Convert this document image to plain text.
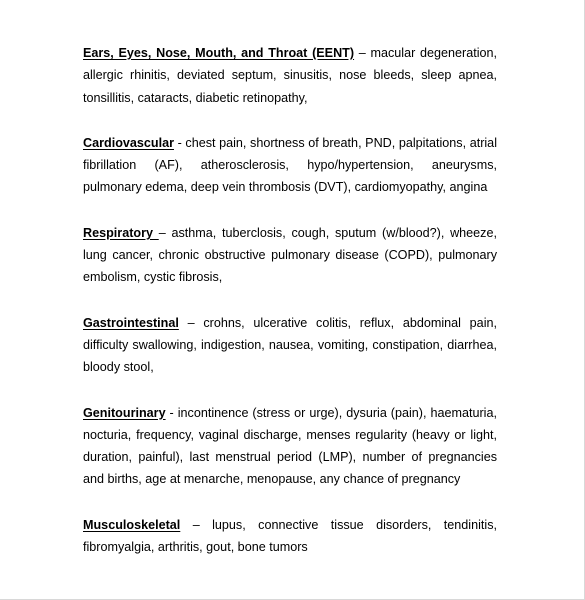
Ears, Eyes, Nose, Mouth, and Throat (EENT) – macular degeneration, allergic rhinitis, deviated septum, sinusitis, nose bleeds, sleep apnea, tonsillitis, cataracts, diabetic retinopathy,

Cardiovascular - chest pain, shortness of breath, PND, palpitations, atrial fibrillation (AF), atherosclerosis, hypo/hypertension, aneurysms, pulmonary edema, deep vein thrombosis (DVT), cardiomyopathy, angina

Respiratory – asthma, tuberclosis, cough, sputum (w/blood?), wheeze, lung cancer, chronic obstructive pulmonary disease (COPD), pulmonary embolism, cystic fibrosis,

Gastrointestinal – crohns, ulcerative colitis, reflux, abdominal pain, difficulty swallowing, indigestion, nausea, vomiting, constipation, diarrhea, bloody stool,

Genitourinary - incontinence (stress or urge), dysuria (pain), haematuria, nocturia, frequency, vaginal discharge, menses regularity (heavy or light, duration, painful), last menstrual period (LMP), number of pregnancies and births, age at menarche, menopause, any chance of pregnancy

Musculoskeletal – lupus, connective tissue disorders, tendinitis, fibromyalgia, arthritis, gout, bone tumors
